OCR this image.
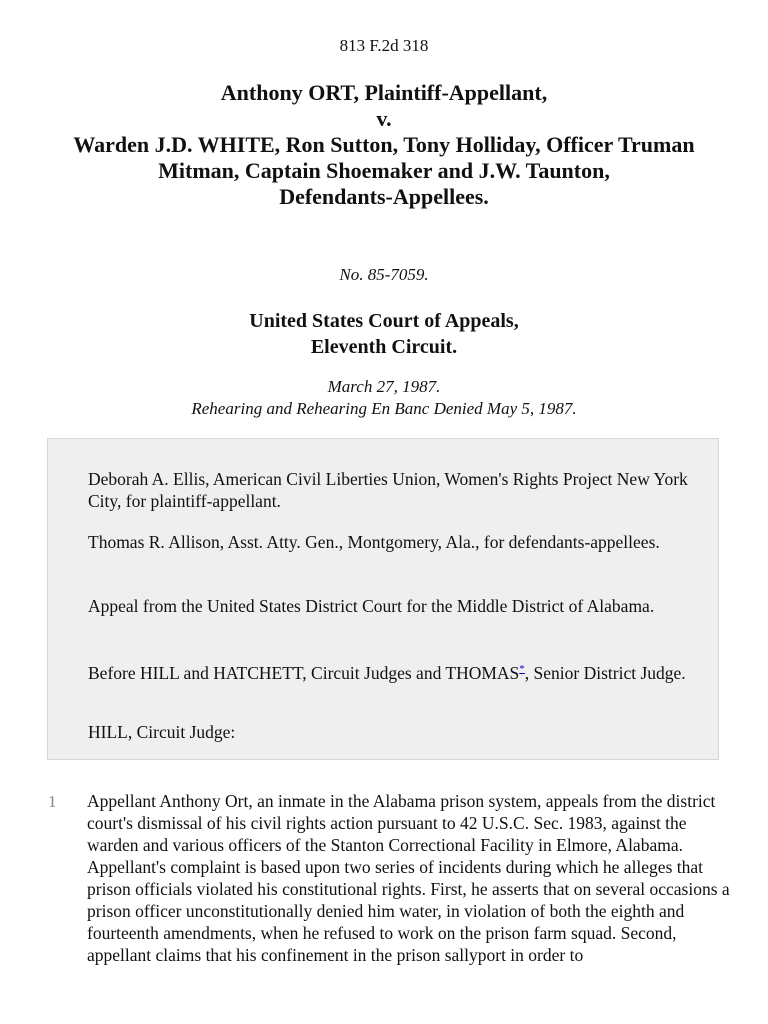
813 F.2d 318
Anthony ORT, Plaintiff-Appellant,
v.
Warden J.D. WHITE, Ron Sutton, Tony Holliday, Officer Truman
Mitman, Captain Shoemaker and J.W. Taunton,
Defendants-Appellees.
No. 85-7059.
United States Court of Appeals,
Eleventh Circuit.
March 27, 1987.
Rehearing and Rehearing En Banc Denied May 5, 1987.

Deborah A. Ellis, American Civil Liberties Union, Women's Rights Project New York City, for plaintiff-appellant.

Thomas R. Allison, Asst. Atty. Gen., Montgomery, Ala., for defendants-appellees.

Appeal from the United States District Court for the Middle District of Alabama.

Before HILL and HATCHETT, Circuit Judges and THOMAS*, Senior District Judge.

HILL, Circuit Judge:

1	Appellant Anthony Ort, an inmate in the Alabama prison system, appeals from the district court's dismissal of his civil rights action pursuant to 42 U.S.C. Sec. 1983, against the warden and various officers of the Stanton Correctional Facility in Elmore, Alabama. Appellant's complaint is based upon two series of incidents during which he alleges that prison officials violated his constitutional rights. First, he asserts that on several occasions a prison officer unconstitutionally denied him water, in violation of both the eighth and fourteenth amendments, when he refused to work on the prison farm squad. Second, appellant claims that his confinement in the prison sallyport in order to
